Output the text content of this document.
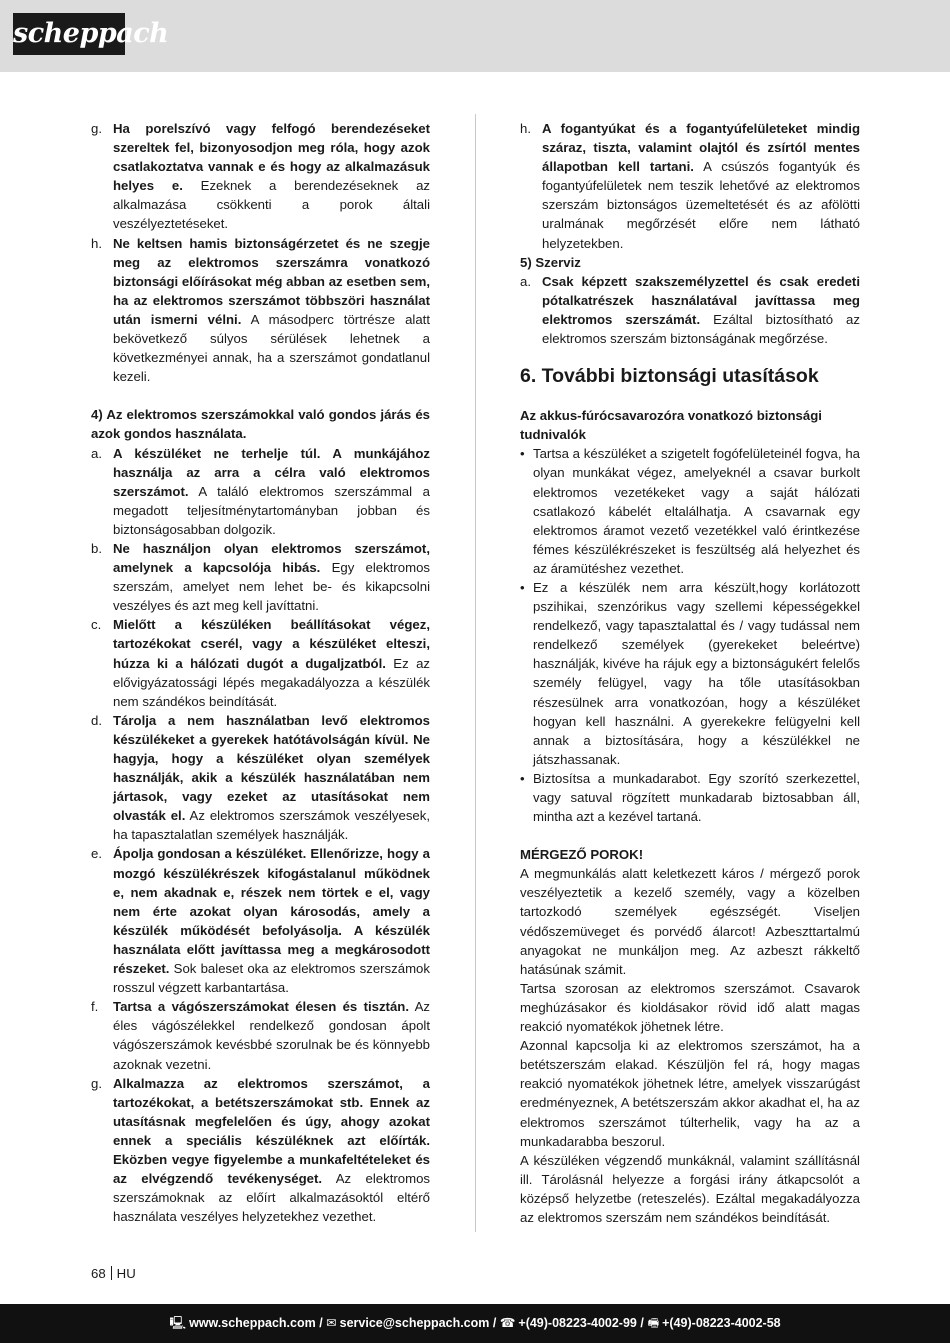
scheppach
g. Ha porelszívó vagy felfogó berendezéseket szereltek fel, bizonyosodjon meg róla, hogy azok csatlakoztatva vannak e és hogy az alkalmazásuk helyes e. Ezeknek a berendezéseknek az alkalmazása csökkenti a porok általi veszélyeztetéseket.
h. Ne keltsen hamis biztonságérzetet és ne szegje meg az elektromos szerszámra vonatkozó biztonsági előírásokat még abban az esetben sem, ha az elektromos szerszámot többszöri használat után ismerni vélni. A másodperc törtrésze alatt bekövetkező súlyos sérülések lehetnek a következményei annak, ha a szerszámot gondatlanul kezeli.
4) Az elektromos szerszámokkal való gondos járás és azok gondos használata.
a. A készüléket ne terhelje túl. A munkájához használja az arra a célra való elektromos szerszámot. A találó elektromos szerszámmal a megadott teljesítménytartományban jobban és biztonságosabban dolgozik.
b. Ne használjon olyan elektromos szerszámot, amelynek a kapcsolója hibás. Egy elektromos szerszám, amelyet nem lehet be- és kikapcsolni veszélyes és azt meg kell javíttatni.
c. Mielőtt a készüléken beállításokat végez, tartozékokat cserél, vagy a készüléket elteszi, húzza ki a hálózati dugót a dugaljzatból. Ez az elővigyázatossági lépés megakadályozza a készülék nem szándékos beindítását.
d. Tárolja a nem használatban levő elektromos készülékeket a gyerekek hatótávolságán kívül. Ne hagyja, hogy a készüléket olyan személyek használják, akik a készülék használatában nem jártasok, vagy ezeket az utasításokat nem olvasták el. Az elektromos szerszámok veszélyesek, ha tapasztalatlan személyek használják.
e. Ápolja gondosan a készüléket. Ellenőrizze, hogy a mozgó készülékrészek kifogástalanul működnek e, nem akadnak e, részek nem törtek e el, vagy nem érte azokat olyan károsodás, amely a készülék működését befolyásolja. A készülék használata előtt javíttassa meg a megkárosodott részeket. Sok baleset oka az elektromos szerszámok rosszul végzett karbantartása.
f.	Tartsa a vágószerszámokat élesen és tisztán. Az éles vágószélekkel rendelkező gondosan ápolt vágószerszámok kevésbbé szorulnak be és könnyebb azoknak vezetni.
g. Alkalmazza az elektromos szerszámot, a tartozékokat, a betétszerszámokat stb. Ennek az utasításnak megfelelően és úgy, ahogy azokat ennek a speciális készüléknek azt előírták. Eközben vegye figyelembe a munkafeltételeket és az elvégzendő tevékenységet. Az elektromos szerszámoknak az előírt alkalmazásoktól eltérő használata veszélyes helyzetekhez vezethet.
h. A fogantyúkat és a fogantyúfelületeket mindig száraz, tiszta, valamint olajtól és zsírtól mentes állapotban kell tartani. A csúszós fogantyúk és fogantyúfelületek nem teszik lehetővé az elektromos szerszám biztonságos üzemeltetését és az afölötti uralmának megőrzését előre nem látható helyzetekben.
5) Szerviz
a. Csak képzett szakszemélyzettel és csak eredeti pótalkatrészek használatával javíttassa meg elektromos szerszámát. Ezáltal biztosítható az elektromos szerszám biztonságának megőrzése.
6. További biztonsági utasítások
Az akkus-fúrócsavarozóra vonatkozó biztonsági tudnivalók
• Tartsa a készüléket a szigetelt fogófelületeinél fogva, ha olyan munkákat végez, amelyeknél a csavar burkolt elektromos vezetékeket vagy a saját hálózati csatlakozó kábelét eltalálhatja. A csavarnak egy elektromos áramot vezető vezetékkel való érintkezése fémes készülékrészeket is feszültség alá helyezhet és az áramütéshez vezethet.
• Ez a készülék nem arra készült,hogy korlátozott pszihikai, szenzórikus vagy szellemi képességekkel rendelkező, vagy tapasztalattal és / vagy tudással nem rendelkező személyek (gyerekeket beleértve) használják, kivéve ha rájuk egy a biztonságukért felelős személy felügyel, vagy ha tőle utasításokban részesülnek arra vonatkozóan, hogy a készüléket hogyan kell használni. A gyerekekre felügyelni kell annak a biztosítására, hogy a készülékkel ne játszhassanak.
• Biztosítsa a munkadarabot. Egy szorító szerkezettel, vagy satuval rögzített munkadarab biztosabban áll, mintha azt a kezével tartaná.
MÉRGEZŐ POROK!
A megmunkálás alatt keletkezett káros / mérgező porok veszélyeztetik a kezelő személy, vagy a közelben tartozkodó személyek egészségét. Viseljen védőszemüveget és porvédő álarcot! Azbeszttartalmú anyagokat ne munkáljon meg. Az azbeszt rákkeltő hatásúnak számit.
Tartsa szorosan az elektromos szerszámot. Csavarok meghúzásakor és kioldásakor rövid idő alatt magas reakció nyomatékok jöhetnek létre.
Azonnal kapcsolja ki az elektromos szerszámot, ha a betétszerszám elakad. Készüljön fel rá, hogy magas reakció nyomatékok jöhetnek létre, amelyek visszarúgást eredményeznek, A betétszerszám akkor akadhat el, ha az elektromos szerszámot túlterhelik, vagy ha az a munkadarabba beszorul.
A készüléken végzendő munkáknál, valamint szállításnál ill. Tárolásnál helyezze a forgási irány átkapcsolót a középső helyzetbe (reteszelés). Ezáltal megakadályozza az elektromos szerszám nem szándékos beindítását.
68 HU
🖳 www.scheppach.com / ✉ service@scheppach.com / ☎ +(49)-08223-4002-99 / 🖷 +(49)-08223-4002-58
